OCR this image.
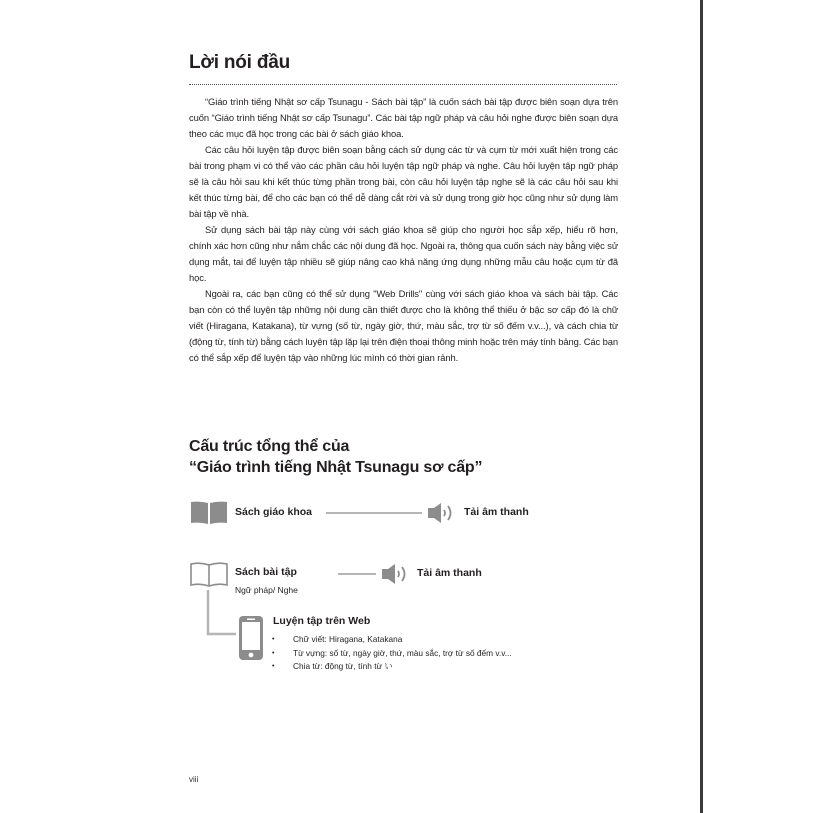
Lời nói đầu

“Giáo trình tiếng Nhật sơ cấp Tsunagu - Sách bài tập” là cuốn sách bài tập được biên soạn dựa trên cuốn “Giáo trình tiếng Nhật sơ cấp Tsunagu”. Các bài tập ngữ pháp và câu hỏi nghe được biên soạn dựa theo các mục đã học trong các bài ở sách giáo khoa.

Các câu hỏi luyện tập được biên soạn bằng cách sử dụng các từ và cụm từ mới xuất hiện trong các bài trong phạm vi có thể vào các phần câu hỏi luyện tập ngữ pháp và nghe. Câu hỏi luyện tập ngữ pháp sẽ là câu hỏi sau khi kết thúc từng phần trong bài, còn câu hỏi luyện tập nghe sẽ là các câu hỏi sau khi kết thúc từng bài, để cho các bạn có thể dễ dàng cắt rời và sử dụng trong giờ học cũng như sử dụng làm bài tập về nhà.

Sử dụng sách bài tập này cùng với sách giáo khoa sẽ giúp cho người học sắp xếp, hiểu rõ hơn, chính xác hơn cũng như nắm chắc các nội dung đã học. Ngoài ra, thông qua cuốn sách này bằng việc sử dụng mắt, tai để luyện tập nhiều sẽ giúp nâng cao khả năng ứng dụng những mẫu câu hoặc cụm từ đã học.

Ngoài ra, các bạn cũng có thể sử dụng "Web Drills" cùng với sách giáo khoa và sách bài tập. Các bạn còn có thể luyện tập những nội dung cần thiết được cho là không thể thiếu ở bậc sơ cấp đó là chữ viết (Hiragana, Katakana), từ vựng (số từ, ngày giờ, thứ, màu sắc, trợ từ số đếm v.v...), và cách chia từ (động từ, tính từ) bằng cách luyện tập lặp lại trên điện thoại thông minh hoặc trên máy tính bảng. Các bạn có thể sắp xếp để luyện tập vào những lúc mình có thời gian rảnh.

Cấu trúc tổng thể của
“Giáo trình tiếng Nhật Tsunagu sơ cấp”
Sách giáo khoa	Tải âm thanh
Sách bài tập
Ngữ pháp/ Nghe
Tải âm thanh
Luyện tập trên Web
• Chữ viết: Hiragana, Katakana
• Từ vựng: số từ, ngày giờ, thứ, màu sắc, trợ từ số đếm v.v...
• Chia từ: động từ, tính từ い
viii
